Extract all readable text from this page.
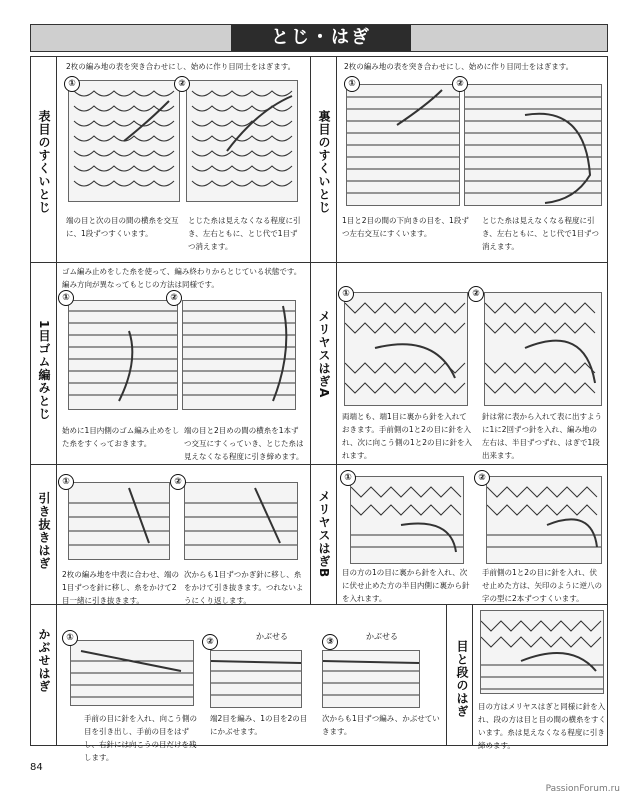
とじ・はぎ
表目のすくいとじ
2枚の編み地の表を突き合わせにし、始めに作り目同士をはぎます。
①	②
端の目と次の目の間の横糸を交互に、1段ずつすくいます。
とじた糸は見えなくなる程度に引き、左右ともに、とじ代で1目ずつ消えます。
裏目のすくいとじ
2枚の編み地の表を突き合わせにし、始めに作り目同士をはぎます。
①	②
1目と2目の間の下向きの目を、1段ずつ左右交互にすくいます。
とじた糸は見えなくなる程度に引き、左右ともに、とじ代で1目ずつ消えます。
1目ゴム編みとじ
ゴム編み止めをした糸を使って、編み終わりからとじている状態です。編み方向が異なってもとじの方法は同様です。
①	②
始めに1目内側のゴム編み止めをした糸をすくっておきます。
端の目と2目めの間の横糸を1本ずつ交互にすくっていき、とじた糸は見えなくなる程度に引き締めます。
メリヤスはぎA
①	②
両端とも、端1目に裏から針を入れておきます。手前側の1と2の目に針を入れ、次に向こう側の1と2の目に針を入れます。
針は常に表から入れて表に出すように1に2回ずつ針を入れ、編み地の左右は、半目ずつずれ、はぎで1段出来ます。
引き抜きはぎ
①	②
2枚の編み地を中表に合わせ、端の1目ずつを針に移し、糸をかけて2目一緒に引き抜きます。
次からも1目ずつかぎ針に移し、糸をかけて引き抜きます。つれないようにくり返します。
メリヤスはぎB
①	②
目の方の1の目に裏から針を入れ、次に伏せ止めた方の半目内側に裏から針を入れます。
手前側の1と2の目に針を入れ、伏せ止めた方は、矢印のように逆八の字の型に2本ずつすくいます。
かぶせはぎ	①	②
かぶせる
③
かぶせる
手前の目に針を入れ、向こう側の目を引き出し、手前の目をはずし、右針には向こうの目だけを残します。
端2目を編み、1の目を2の目にかぶせます。
次からも1目ずつ編み、かぶせていきます。
目と段のはぎ 目の方はメリヤスはぎと同様に針を入れ、段の方は目と目の間の横糸をすくいます。糸は見えなくなる程度に引き締めます。
84
PassionForum.ru
